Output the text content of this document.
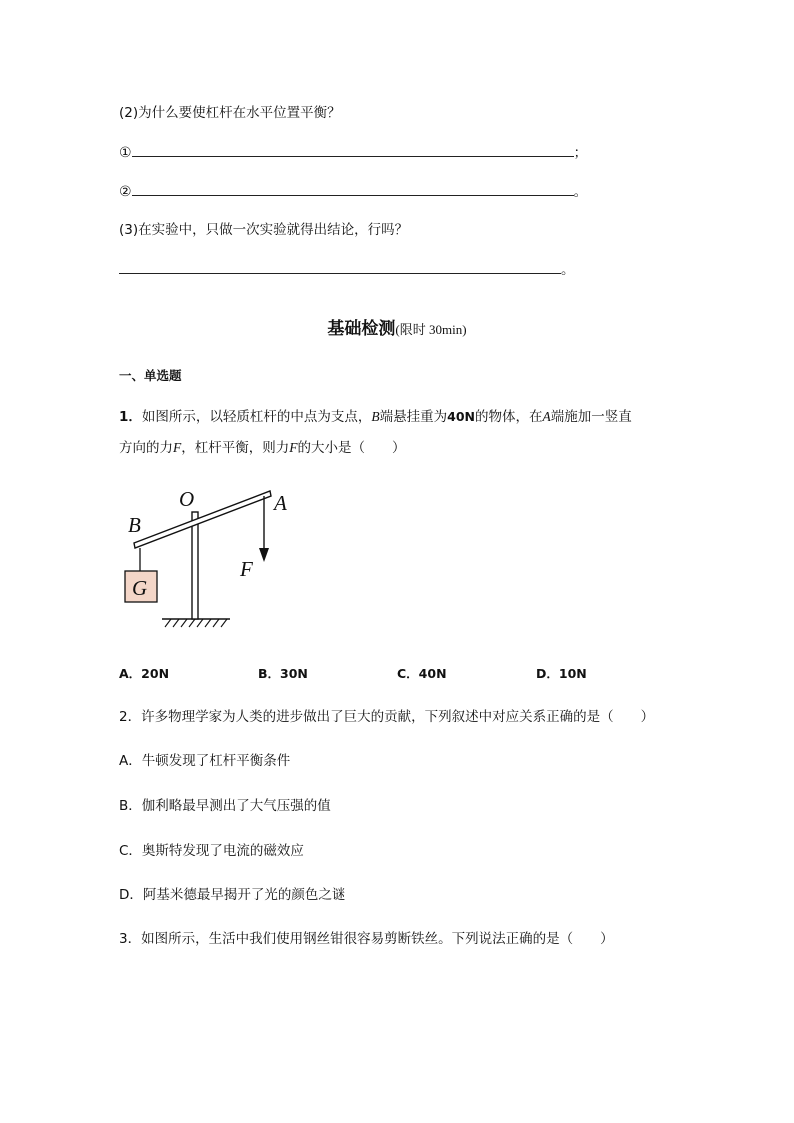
(2)为什么要使杠杆在水平位置平衡？
①	；
②	。
(3)在实验中，只做一次实验就得出结论，行吗？
。
基础检测(限时 30min)
一、单选题
1．如图所示，以轻质杠杆的中点为支点，B端悬挂重为40N的物体，在A端施加一竖直
方向的力F，杠杆平衡，则力F的大小是（　　）
G
O	A
B
F
A．20N	B．30N	C．40N	D．10N
2．许多物理学家为人类的进步做出了巨大的贡献，下列叙述中对应关系正确的是（　　）
A．牛顿发现了杠杆平衡条件
B．伽利略最早测出了大气压强的值
C．奥斯特发现了电流的磁效应
D．阿基米德最早揭开了光的颜色之谜
3．如图所示，生活中我们使用钢丝钳很容易剪断铁丝。下列说法正确的是（　　）
